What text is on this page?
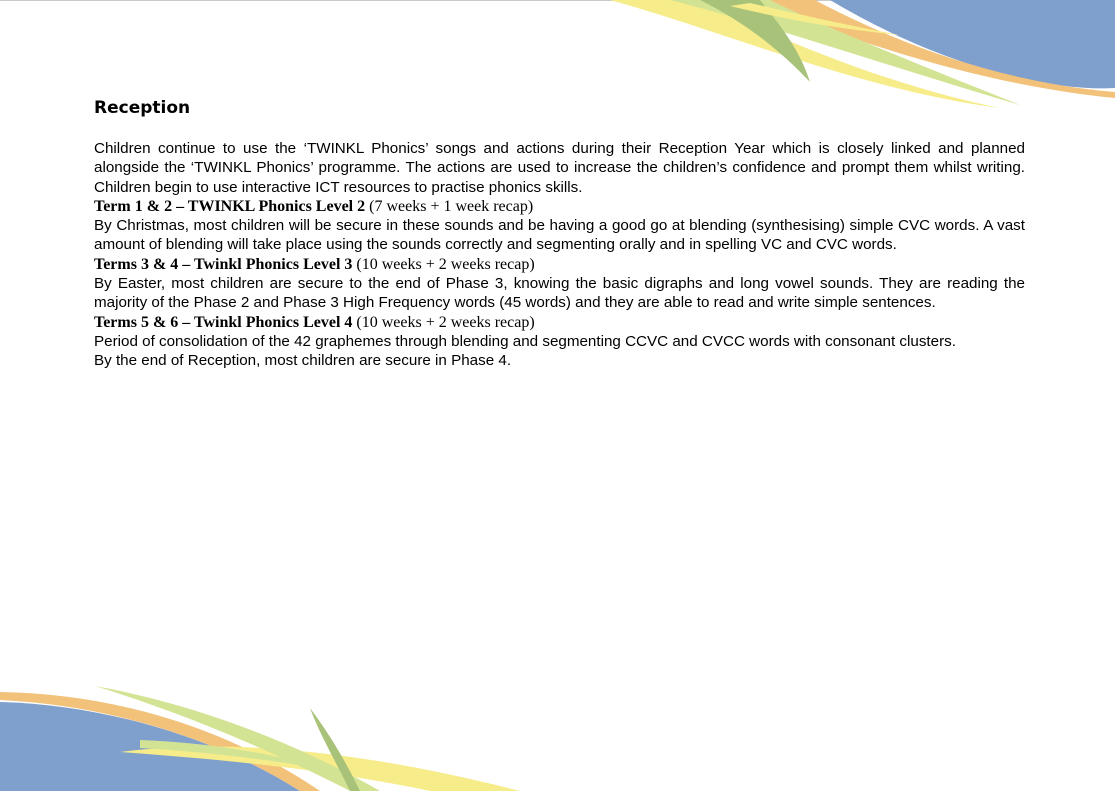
Reception

Children continue to use the ‘TWINKL Phonics’ songs and actions during their Reception Year which is closely linked and planned alongside the ‘TWINKL Phonics’ programme. The actions are used to increase the children’s confidence and prompt them whilst writing. Children begin to use interactive ICT resources to practise phonics skills.

Term 1 & 2 – TWINKL Phonics Level 2 (7 weeks + 1 week recap)

By Christmas, most children will be secure in these sounds and be having a good go at blending (synthesising) simple CVC words. A vast amount of blending will take place using the sounds correctly and segmenting orally and in spelling VC and CVC words.

Terms 3 & 4 – Twinkl Phonics Level 3 (10 weeks + 2 weeks recap)

By Easter, most children are secure to the end of Phase 3, knowing the basic digraphs and long vowel sounds. They are reading the majority of the Phase 2 and Phase 3 High Frequency words (45 words) and they are able to read and write simple sentences.

Terms 5 & 6 – Twinkl Phonics Level 4 (10 weeks + 2 weeks recap)

Period of consolidation of the 42 graphemes through blending and segmenting CCVC and CVCC words with consonant clusters.

By the end of Reception, most children are secure in Phase 4.
